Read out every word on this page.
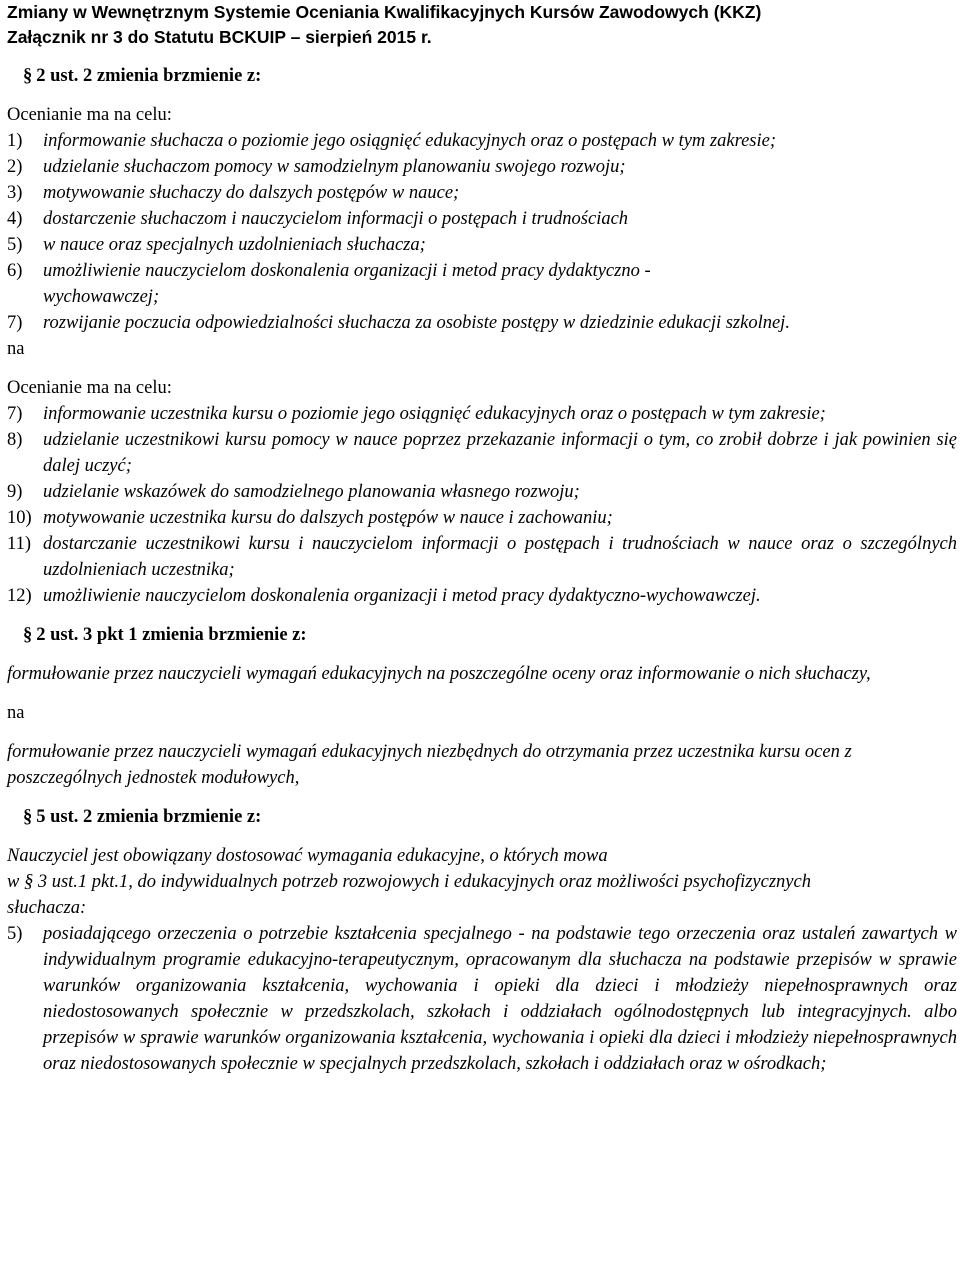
Zmiany w Wewnętrznym Systemie Oceniania Kwalifikacyjnych Kursów Zawodowych (KKZ)
Załącznik nr 3 do Statutu BCKUIP – sierpień 2015 r.
§ 2 ust. 2 zmienia brzmienie z:
Ocenianie ma na celu:
1)	informowanie słuchacza o poziomie jego osiągnięć edukacyjnych oraz o postępach w tym zakresie;
2)	udzielanie słuchaczom pomocy w samodzielnym planowaniu swojego rozwoju;
3)	motywowanie słuchaczy do dalszych postępów w nauce;
4)	dostarczenie słuchaczom i nauczycielom informacji o postępach i trudnościach
5)	w nauce oraz specjalnych uzdolnieniach słuchacza;
6)	umożliwienie nauczycielom doskonalenia organizacji i metod pracy dydaktyczno - wychowawczej;
7)	rozwijanie poczucia odpowiedzialności słuchacza za osobiste postępy w dziedzinie edukacji szkolnej.
na
Ocenianie ma na celu:
7)	informowanie uczestnika kursu o poziomie jego osiągnięć edukacyjnych oraz o postępach w tym zakresie;
8)	udzielanie uczestnikowi kursu pomocy w nauce poprzez przekazanie informacji o tym, co zrobił dobrze i jak powinien się dalej uczyć;
9)	udzielanie wskazówek do samodzielnego planowania własnego rozwoju;
10) motywowanie uczestnika kursu do dalszych postępów w nauce i zachowaniu;
11) dostarczanie uczestnikowi kursu i nauczycielom informacji o postępach i trudnościach w nauce oraz o szczególnych uzdolnieniach uczestnika;
12) umożliwienie nauczycielom doskonalenia organizacji i metod pracy dydaktyczno-wychowawczej.
§ 2 ust. 3 pkt 1 zmienia brzmienie z:
formułowanie przez nauczycieli wymagań edukacyjnych na poszczególne oceny oraz informowanie o nich słuchaczy,
na
formułowanie przez nauczycieli wymagań edukacyjnych niezbędnych do otrzymania przez uczestnika kursu ocen z poszczególnych jednostek modułowych,
§ 5 ust. 2 zmienia brzmienie z:
Nauczyciel jest obowiązany dostosować wymagania edukacyjne, o których mowa
w § 3 ust.1 pkt.1, do indywidualnych potrzeb rozwojowych i edukacyjnych oraz możliwości psychofizycznych słuchacza:
5)	posiadającego orzeczenia o potrzebie kształcenia specjalnego - na podstawie tego orzeczenia oraz ustaleń zawartych w indywidualnym programie edukacyjno-terapeutycznym, opracowanym dla słuchacza na podstawie przepisów w sprawie warunków organizowania kształcenia, wychowania i opieki dla dzieci i młodzieży niepełnosprawnych oraz niedostosowanych społecznie w przedszkolach, szkołach i oddziałach ogólnodostępnych lub integracyjnych. albo przepisów w sprawie warunków organizowania kształcenia, wychowania i opieki dla dzieci i młodzieży niepełnosprawnych oraz niedostosowanych społecznie w specjalnych przedszkolach, szkołach i oddziałach oraz w ośrodkach;
